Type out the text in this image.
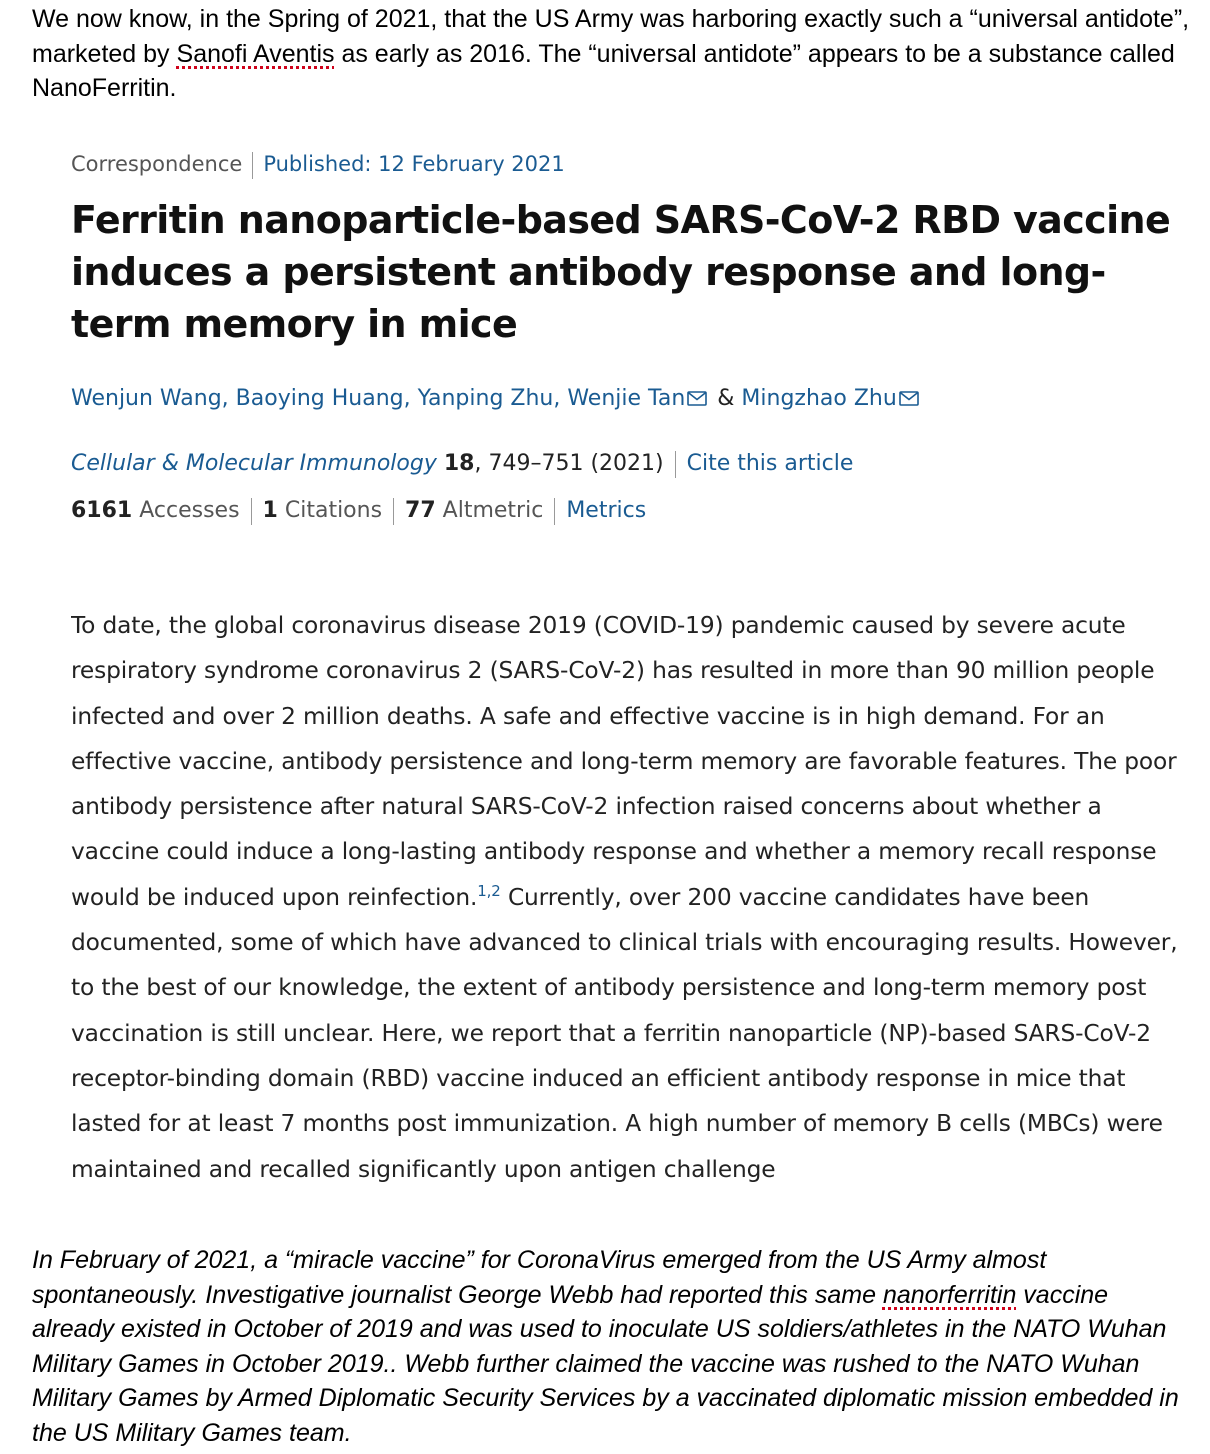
We now know, in the Spring of 2021, that the US Army was harboring exactly such a “universal antidote”, marketed by Sanofi Aventis as early as 2016. The “universal antidote” appears to be a substance called NanoFerritin.
Correspondence Published: 12 February 2021
Ferritin nanoparticle-based SARS-CoV-2 RBD vaccine induces a persistent antibody response and long-term memory in mice
Wenjun Wang, Baoying Huang, Yanping Zhu, Wenjie Tan & Mingzhao Zhu
Cellular & Molecular Immunology 18, 749–751 (2021) Cite this article
6161 Accesses 1 Citations 77 Altmetric Metrics

To date, the global coronavirus disease 2019 (COVID-19) pandemic caused by severe acute respiratory syndrome coronavirus 2 (SARS-CoV-2) has resulted in more than 90 million people infected and over 2 million deaths. A safe and effective vaccine is in high demand. For an effective vaccine, antibody persistence and long-term memory are favorable features. The poor antibody persistence after natural SARS-CoV-2 infection raised concerns about whether a vaccine could induce a long-lasting antibody response and whether a memory recall response would be induced upon reinfection.$^{1,2}$ Currently, over 200 vaccine candidates have been documented, some of which have advanced to clinical trials with encouraging results. However, to the best of our knowledge, the extent of antibody persistence and long-term memory post vaccination is still unclear. Here, we report that a ferritin nanoparticle (NP)-based SARS-CoV-2 receptor-binding domain (RBD) vaccine induced an efficient antibody response in mice that lasted for at least 7 months post immunization. A high number of memory B cells (MBCs) were maintained and recalled significantly upon antigen challenge

In February of 2021, a “miracle vaccine” for CoronaVirus emerged from the US Army almost spontaneously. Investigative journalist George Webb had reported this same nanorferritin vaccine already existed in October of 2019 and was used to inoculate US soldiers/athletes in the NATO Wuhan Military Games in October 2019.. Webb further claimed the vaccine was rushed to the NATO Wuhan Military Games by Armed Diplomatic Security Services by a vaccinated diplomatic mission embedded in the US Military Games team.
